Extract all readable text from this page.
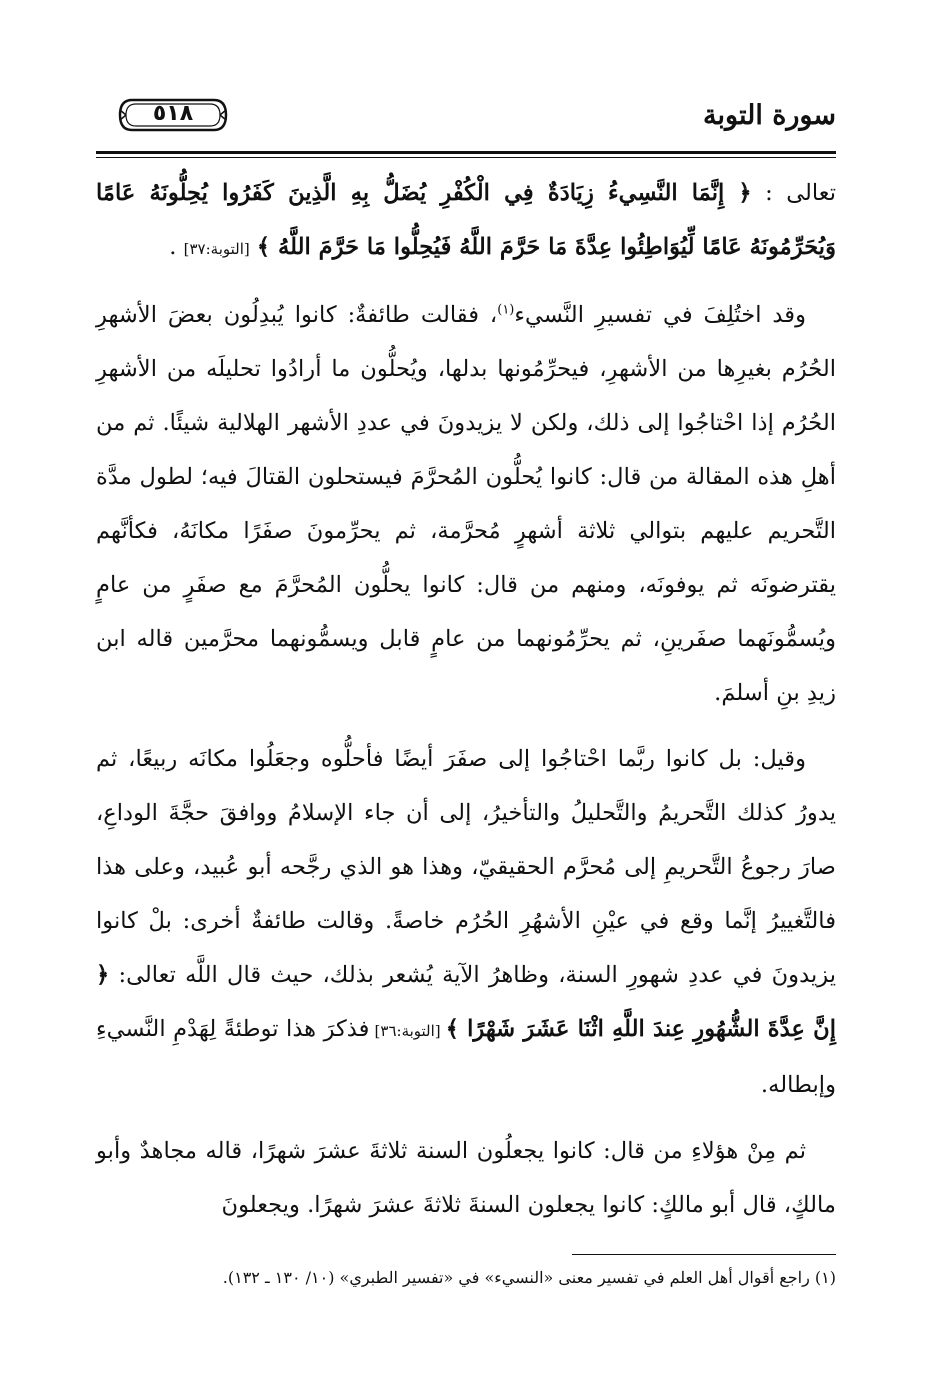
٥١٨	سورة التوبة

تعالى : ﴿ إِنَّمَا النَّسِيءُ زِيَادَةٌ فِي الْكُفْرِ يُضَلُّ بِهِ الَّذِينَ كَفَرُوا يُحِلُّونَهُ عَامًا وَيُحَرِّمُونَهُ عَامًا لِّيُوَاطِئُوا عِدَّةَ مَا حَرَّمَ اللَّهُ فَيُحِلُّوا مَا حَرَّمَ اللَّهُ ﴾ [التوبة:٣٧] .

وقد اختُلِفَ في تفسيرِ النَّسيء$^{(١)}$، فقالت طائفةٌ: كانوا يُبدِلُون بعضَ الأشهرِ الحُرُم بغيرِها من الأشهرِ، فيحرِّمُونها بدلها، ويُحلُّون ما أرادُوا تحليلَه من الأشهرِ الحُرُم إذا احْتاجُوا إلى ذلك، ولكن لا يزيدونَ في عددِ الأشهر الهلالية شيئًا. ثم من أهلِ هذه المقالة من قال: كانوا يُحلُّون المُحرَّمَ فيستحلون القتالَ فيه؛ لطول مدَّة التَّحريم عليهم بتوالي ثلاثة أشهرٍ مُحرَّمة، ثم يحرِّمونَ صفَرًا مكانَهُ، فكأنَّهم يقترضونَه ثم يوفونَه، ومنهم من قال: كانوا يحلُّون المُحرَّمَ مع صفَرٍ من عامٍ ويُسمُّونَهما صفَرينِ، ثم يحرِّمُونهما من عامٍ قابل ويسمُّونهما محرَّمين قاله ابن زيدِ بنِ أسلمَ.

وقيل: بل كانوا ربَّما احْتاجُوا إلى صفَرَ أيضًا فأحلُّوه وجعَلُوا مكانَه ربيعًا، ثم يدورُ كذلك التَّحريمُ والتَّحليلُ والتأخيرُ، إلى أن جاء الإسلامُ ووافقَ حجَّةَ الوداعِ، صارَ رجوعُ التَّحريمِ إلى مُحرَّم الحقيقيّ، وهذا هو الذي رجَّحه أبو عُبيد، وعلى هذا فالتَّغييرُ إنَّما وقع في عيْنِ الأشهُرِ الحُرُم خاصةً. وقالت طائفةٌ أخرى: بلْ كانوا يزيدونَ في عددِ شهورِ السنة، وظاهرُ الآية يُشعر بذلك، حيث قال اللَّه تعالى: ﴿ إِنَّ عِدَّةَ الشُّهُورِ عِندَ اللَّهِ اثْنَا عَشَرَ شَهْرًا ﴾ [التوبة:٣٦] فذكرَ هذا توطئةً لِهَدْمِ النَّسيءِ وإبطاله.

ثم مِنْ هؤلاءِ من قال: كانوا يجعلُون السنة ثلاثةَ عشرَ شهرًا، قاله مجاهدٌ وأبو مالكٍ، قال أبو مالكٍ: كانوا يجعلون السنةَ ثلاثةَ عشرَ شهرًا. ويجعلونَ

(١) راجع أقوال أهل العلم في تفسير معنى «النسيء» في «تفسير الطبري» (١٠/ ١٣٠ ـ ١٣٢).
